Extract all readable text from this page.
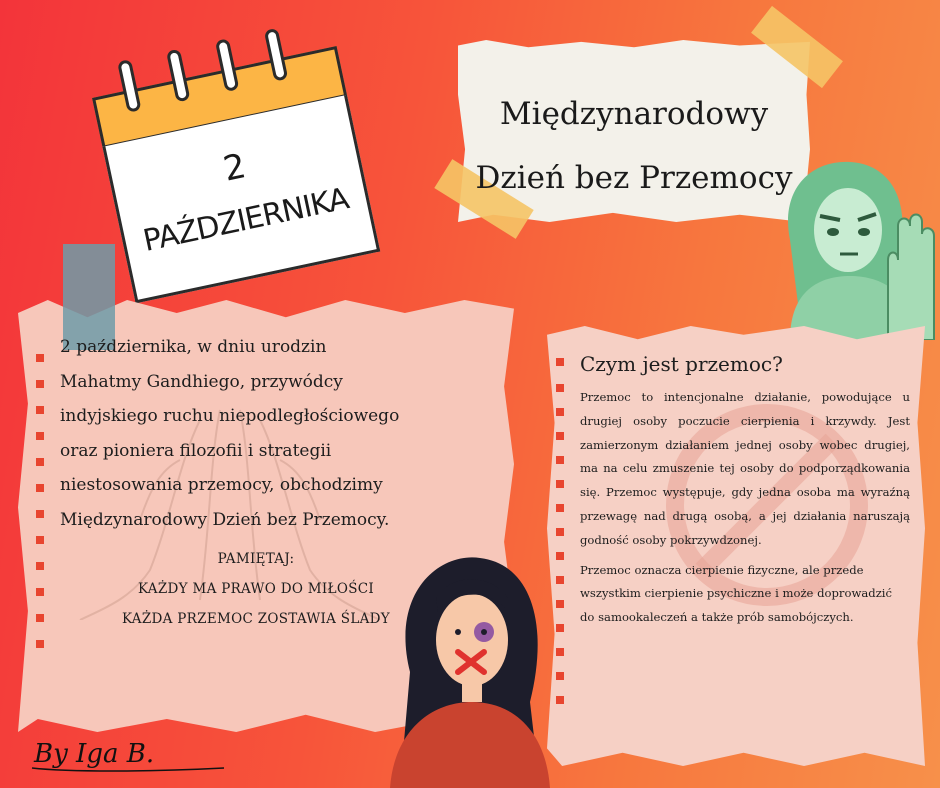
2
PAŹDZIERNIKA
Międzynarodowy
Dzień bez Przemocy

2 października, w dniu urodzin

Mahatmy Gandhiego, przywódcy

indyjskiego ruchu niepodległościowego

oraz pioniera filozofii i strategii

niestosowania przemocy, obchodzimy

Międzynarodowy Dzień bez Przemocy.

PAMIĘTAJ:
KAŻDY MA PRAWO DO MIŁOŚCI
KAŻDA PRZEMOC ZOSTAWIA ŚLADY
Czym jest przemoc?

Przemoc to intencjonalne działanie, powodujące u drugiej osoby poczucie cierpienia i krzywdy. Jest zamierzonym działaniem jednej osoby wobec drugiej, ma na celu zmuszenie tej osoby do podporządkowania się. Przemoc występuje, gdy jedna osoba ma wyraźną przewagę nad drugą osobą, a jej działania naruszają godność osoby pokrzywdzonej.

Przemoc oznacza cierpienie fizyczne, ale przede wszystkim cierpienie psychiczne i może doprowadzić do samookaleczeń a także prób samobójczych.

By Iga B.
